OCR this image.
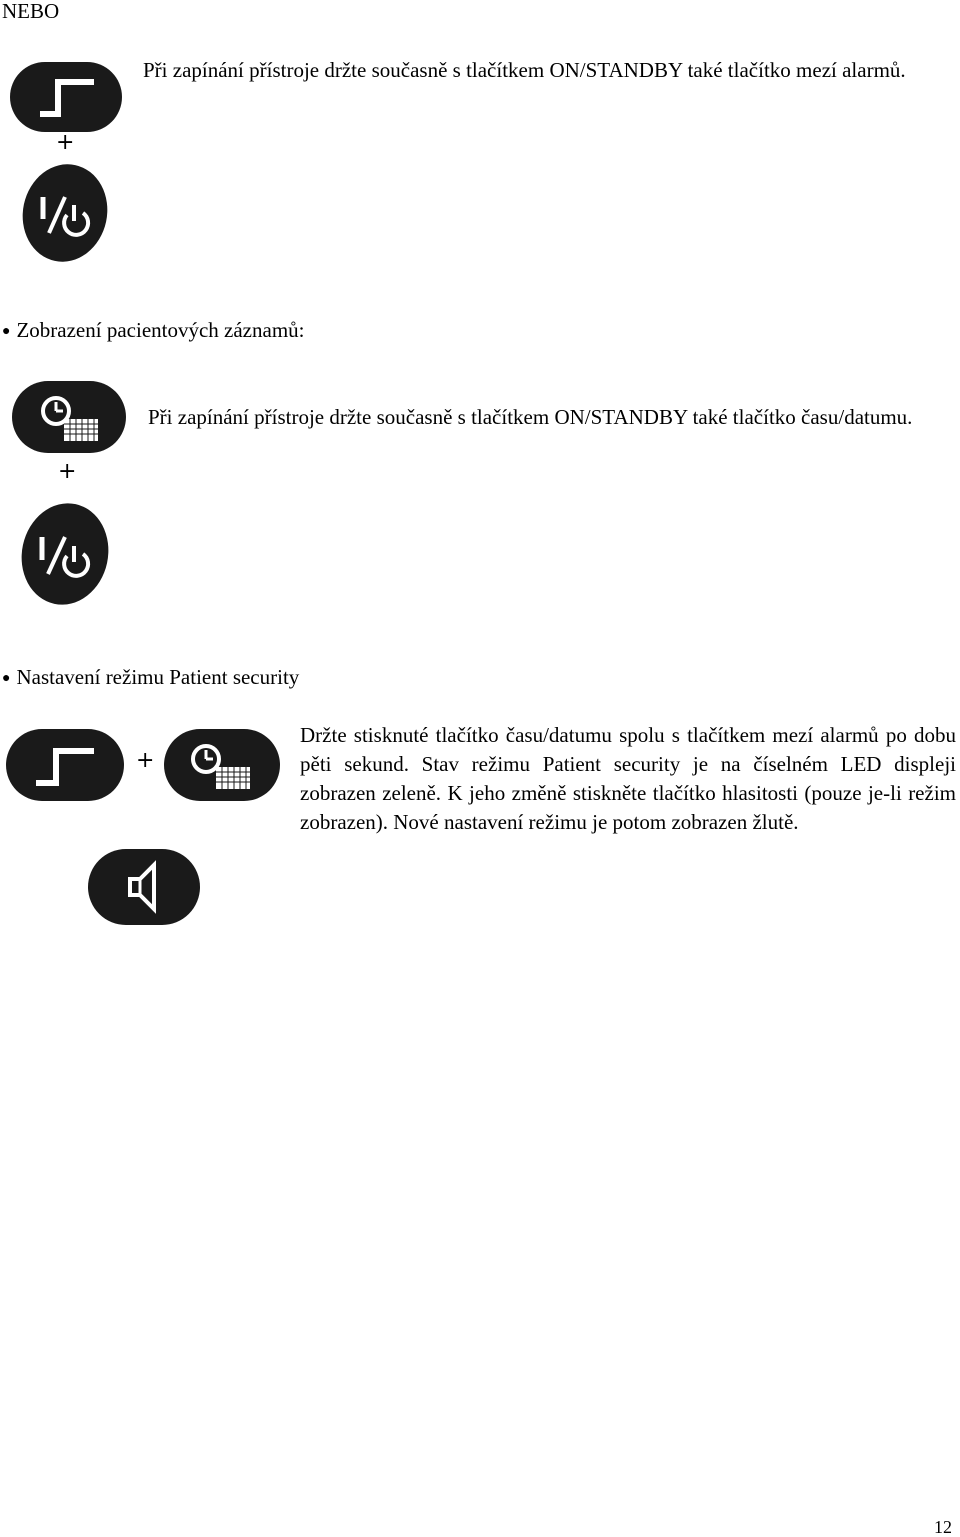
NEBO
+
Při zapínání přístroje držte současně s tlačítkem ON/STANDBY také tlačítko mezí alarmů.
● Zobrazení pacientových záznamů:
+
Při zapínání přístroje držte současně s tlačítkem ON/STANDBY také tlačítko času/datumu.
● Nastavení režimu Patient security
+
Držte stisknuté tlačítko času/datumu spolu s tlačítkem mezí alarmů po dobu pěti sekund. Stav režimu Patient security je na číselném LED displeji zobrazen zeleně. K jeho změně stiskněte tlačítko hlasitosti (pouze je-li režim zobrazen). Nové nastavení režimu je potom zobrazen žlutě.
12
